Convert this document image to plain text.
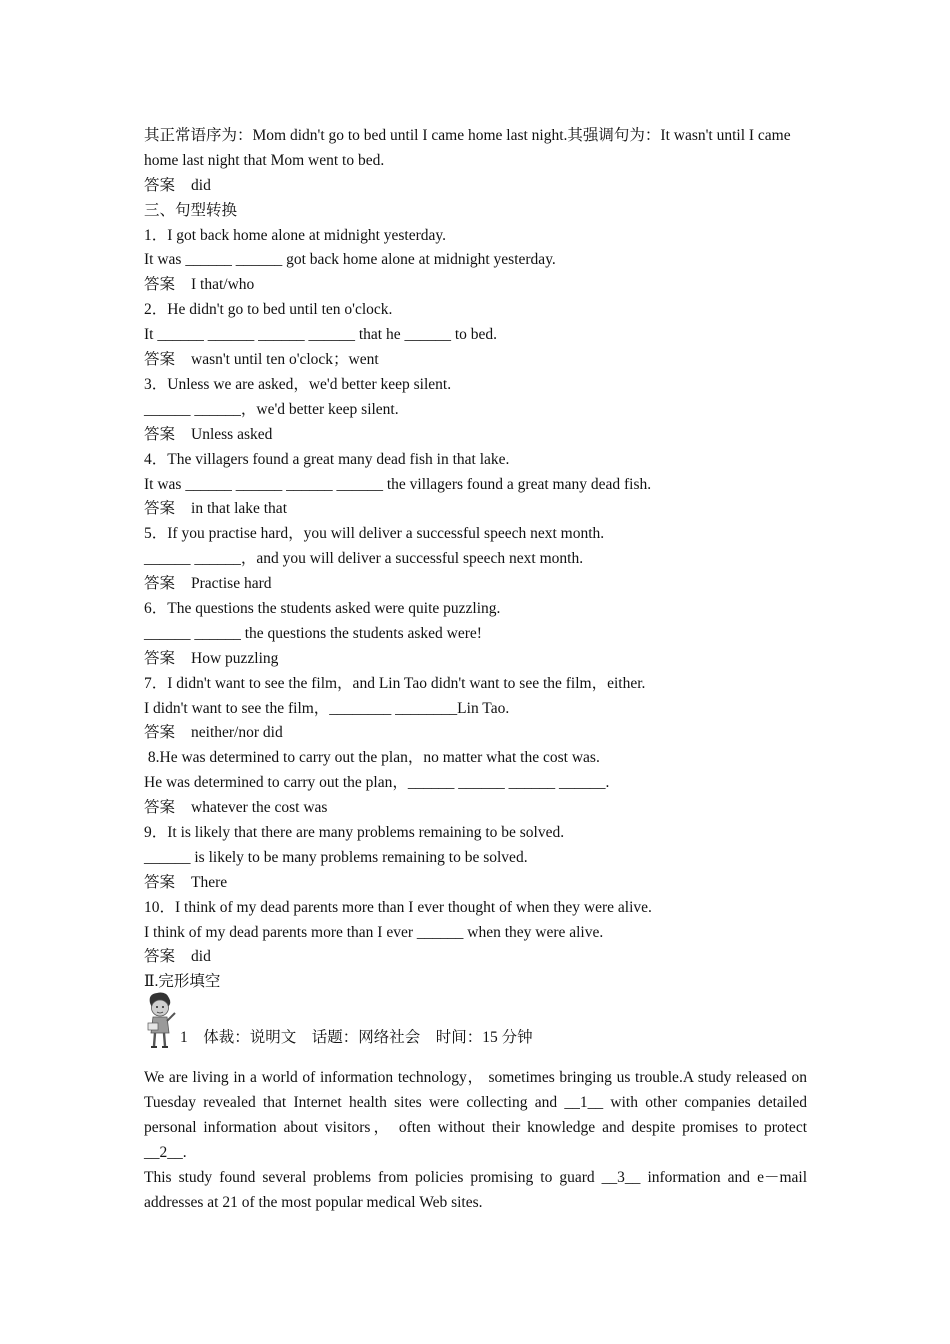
其正常语序为：Mom didn't go to bed until I came home last night.其强调句为：It wasn't until I came home last night that Mom went to bed.
答案 did
三、句型转换
1．I got back home alone at midnight yesterday.
It was ______ ______ got back home alone at midnight yesterday.
答案 I that/who
2．He didn't go to bed until ten o'clock.
It ______ ______ ______ ______ that he ______ to bed.
答案 wasn't until ten o'clock；went
3．Unless we are asked，we'd better keep silent.
______ ______，we'd better keep silent.
答案 Unless asked
4．The villagers found a great many dead fish in that lake.
It was ______ ______ ______ ______ the villagers found a great many dead fish.
答案 in that lake that
5．If you practise hard，you will deliver a successful speech next month.
______ ______，and you will deliver a successful speech next month.
答案 Practise hard
6．The questions the students asked were quite puzzling.
______ ______ the questions the students asked were!
答案 How puzzling
7．I didn't want to see the film，and Lin Tao didn't want to see the film，either.
I didn't want to see the film，________ ________Lin Tao.
答案 neither/nor did
8.He was determined to carry out the plan，no matter what the cost was.
He was determined to carry out the plan，______ ______ ______ ______.
答案 whatever the cost was
9．It is likely that there are many problems remaining to be solved.
______ is likely to be many problems remaining to be solved.
答案 There
10．I think of my dead parents more than I ever thought of when they were alive.
I think of my dead parents more than I ever ______ when they were alive.
答案 did
Ⅱ.完形填空
1　体裁：说明文　话题：网络社会　时间：15 分钟
We are living in a world of information technology， sometimes bringing us trouble.A study released on Tuesday revealed that Internet health sites were collecting and __1__ with other companies detailed personal information about visitors， often without their knowledge and despite promises to protect __2__.
This study found several problems from policies promising to guard __3__ information and e－mail addresses at 21 of the most popular medical Web sites.
